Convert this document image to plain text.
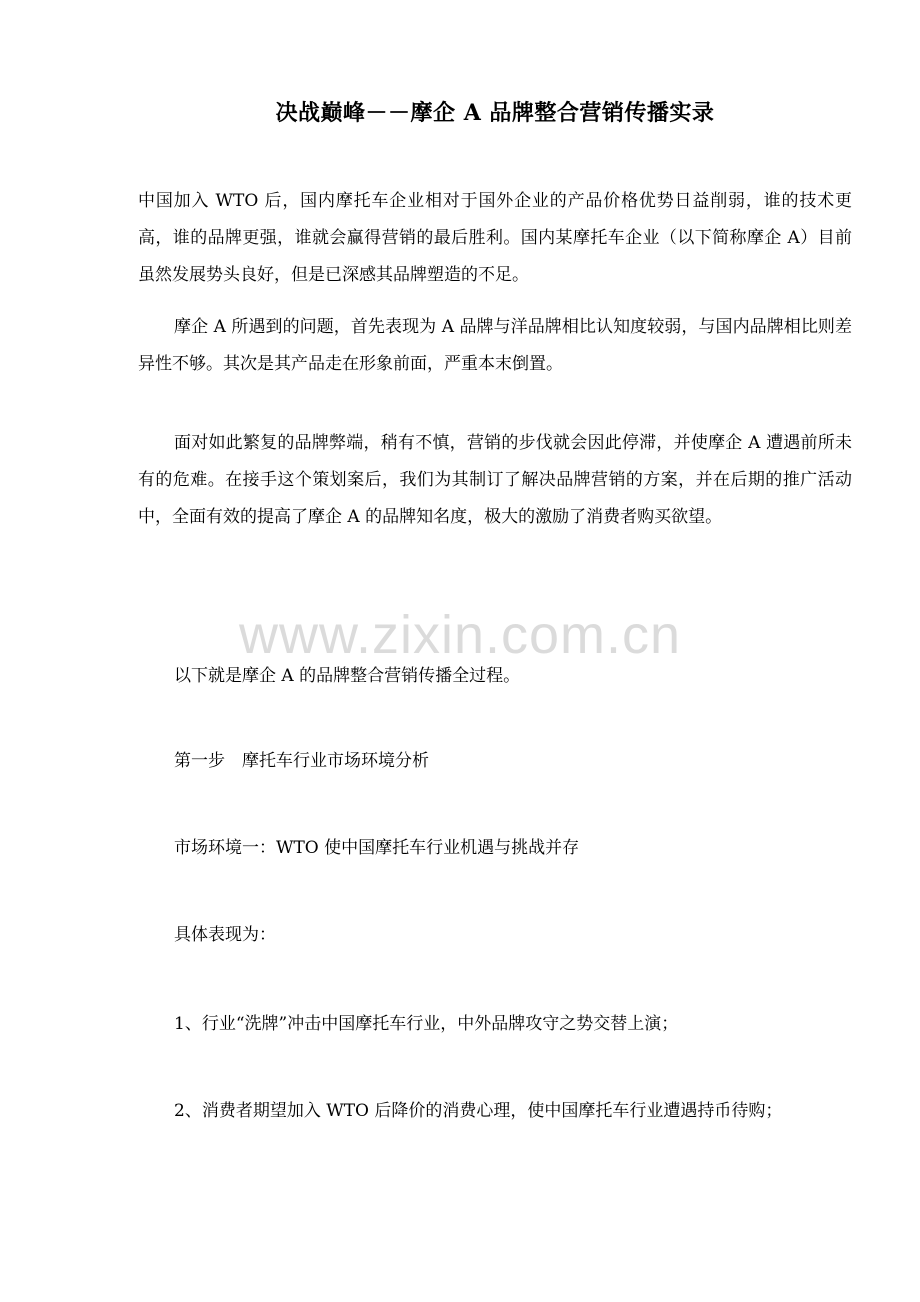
决战巅峰－－摩企 A 品牌整合营销传播实录
中国加入 WTO 后，国内摩托车企业相对于国外企业的产品价格优势日益削弱，谁的技术更高，谁的品牌更强，谁就会赢得营销的最后胜利。国内某摩托车企业（以下简称摩企 A）目前虽然发展势头良好，但是已深感其品牌塑造的不足。
摩企 A 所遇到的问题，首先表现为 A 品牌与洋品牌相比认知度较弱，与国内品牌相比则差异性不够。其次是其产品走在形象前面，严重本末倒置。
面对如此繁复的品牌弊端，稍有不慎，营销的步伐就会因此停滞，并使摩企 A 遭遇前所未有的危难。在接手这个策划案后，我们为其制订了解决品牌营销的方案，并在后期的推广活动中，全面有效的提高了摩企 A 的品牌知名度，极大的激励了消费者购买欲望。
www.zixin.com.cn
以下就是摩企 A 的品牌整合营销传播全过程。
第一步　摩托车行业市场环境分析
市场环境一：WTO 使中国摩托车行业机遇与挑战并存
具体表现为：
1、行业“洗牌”冲击中国摩托车行业，中外品牌攻守之势交替上演；
2、消费者期望加入 WTO 后降价的消费心理，使中国摩托车行业遭遇持币待购；
